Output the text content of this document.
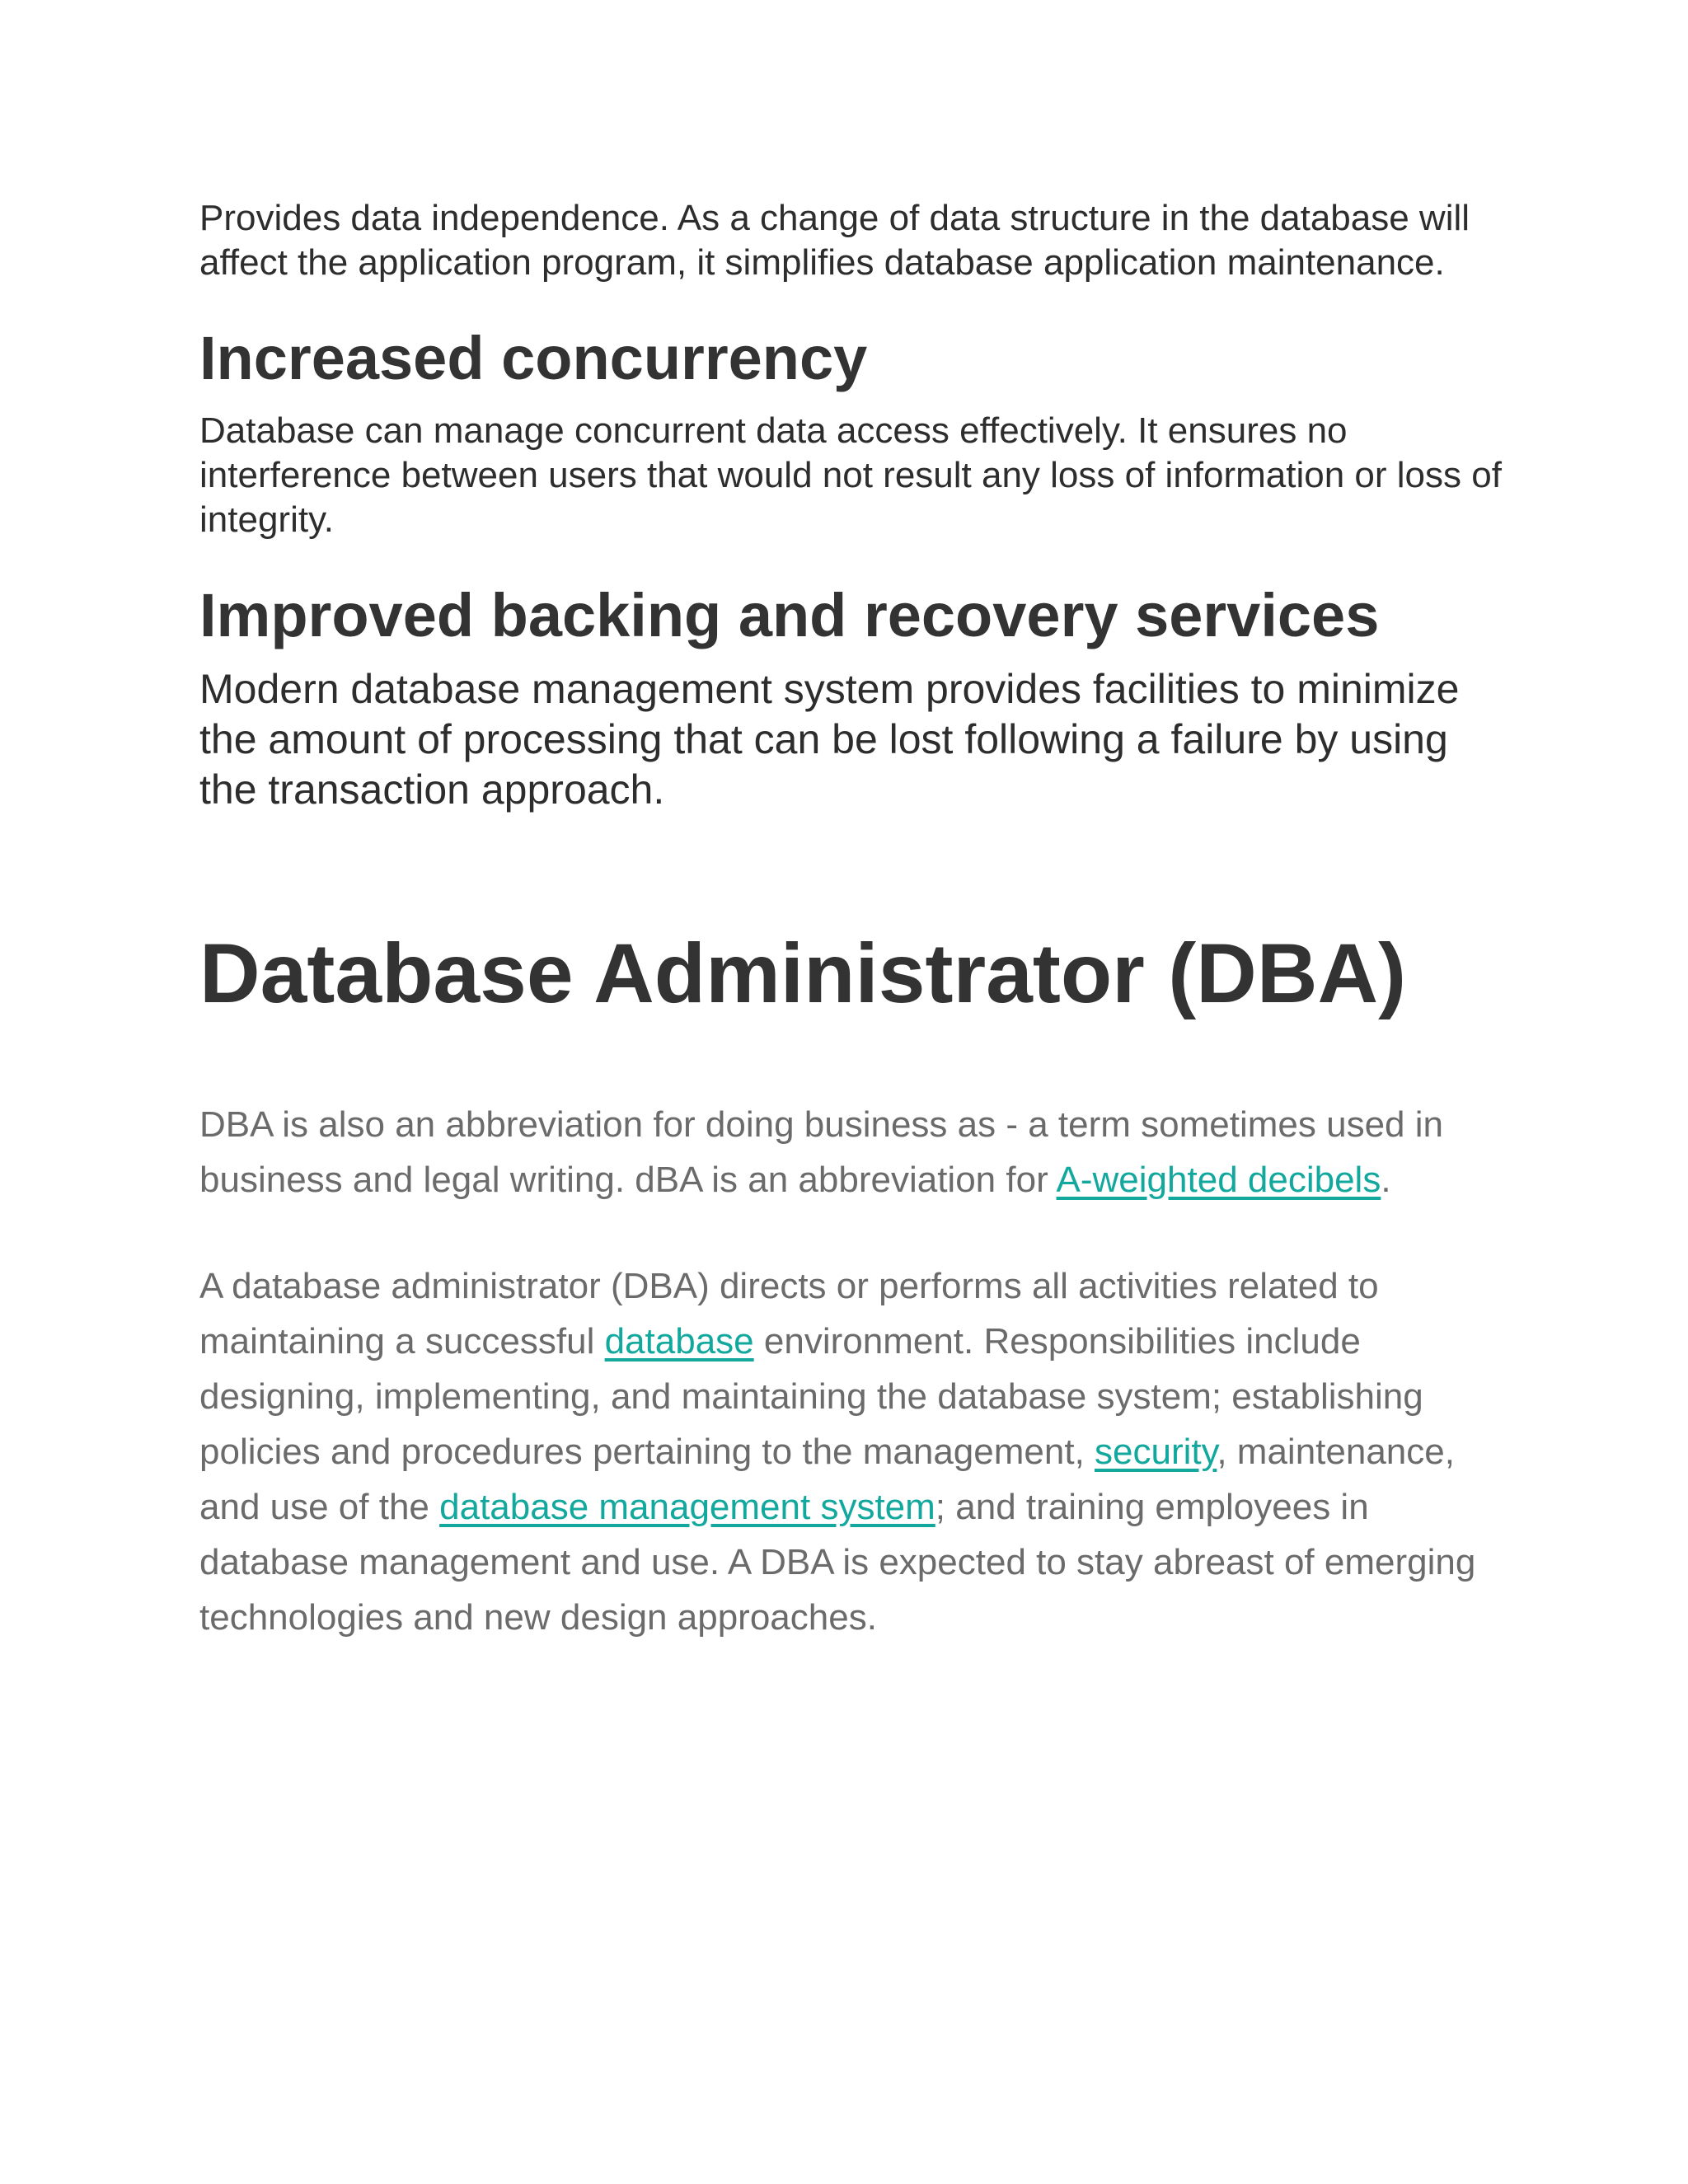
Provides data independence. As a change of data structure in the database will affect the application program, it simplifies database application maintenance.

Increased concurrency

Database can manage concurrent data access effectively. It ensures no interference between users that would not result any loss of information or loss of integrity.

Improved backing and recovery services

Modern database management system provides facilities to minimize the amount of processing that can be lost following a failure by using the transaction approach.

Database Administrator (DBA)

DBA is also an abbreviation for doing business as - a term sometimes used in business and legal writing. dBA is an abbreviation for A-weighted decibels.

A database administrator (DBA) directs or performs all activities related to maintaining a successful database environment. Responsibilities include designing, implementing, and maintaining the database system; establishing policies and procedures pertaining to the management, security, maintenance, and use of the database management system; and training employees in database management and use. A DBA is expected to stay abreast of emerging technologies and new design approaches.
